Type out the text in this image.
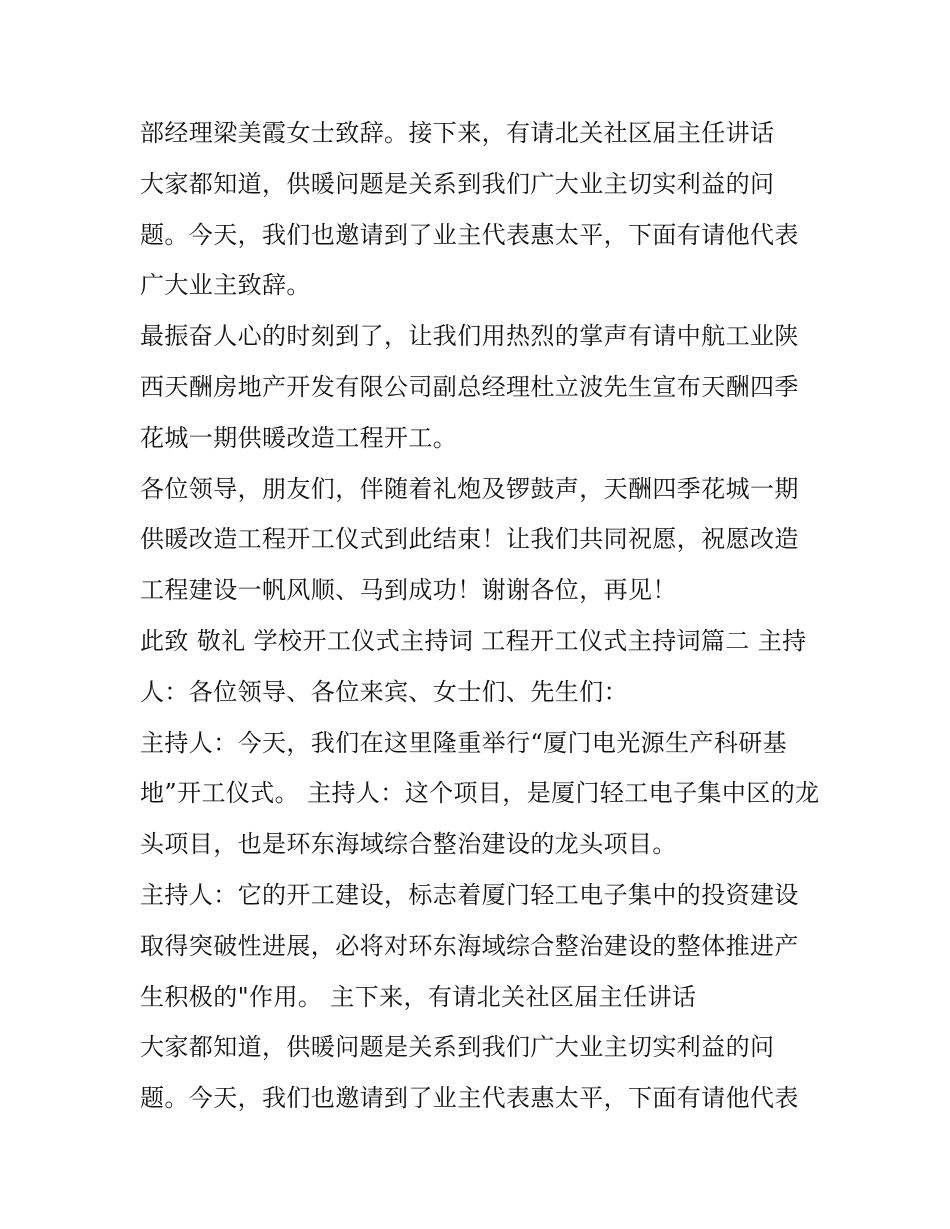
部经理梁美霞女士致辞。接下来，有请北关社区届主任讲话

大家都知道，供暖问题是关系到我们广大业主切实利益的问题。今天，我们也邀请到了业主代表惠太平，下面有请他代表广大业主致辞。

最振奋人心的时刻到了，让我们用热烈的掌声有请中航工业陕西天酬房地产开发有限公司副总经理杜立波先生宣布天酬四季花城一期供暖改造工程开工。

各位领导，朋友们，伴随着礼炮及锣鼓声，天酬四季花城一期供暖改造工程开工仪式到此结束！让我们共同祝愿，祝愿改造工程建设一帆风顺、马到成功！谢谢各位，再见！

此致 敬礼 学校开工仪式主持词 工程开工仪式主持词篇二 主持人：各位领导、各位来宾、女士们、先生们：

主持人：今天，我们在这里隆重举行“厦门电光源生产科研基地”开工仪式。 主持人：这个项目，是厦门轻工电子集中区的龙头项目，也是环东海域综合整治建设的龙头项目。

主持人：它的开工建设，标志着厦门轻工电子集中的投资建设取得突破性进展，必将对环东海域综合整治建设的整体推进产生积极的"作用。 主下来，有请北关社区届主任讲话

大家都知道，供暖问题是关系到我们广大业主切实利益的问题。今天，我们也邀请到了业主代表惠太平，下面有请他代表
